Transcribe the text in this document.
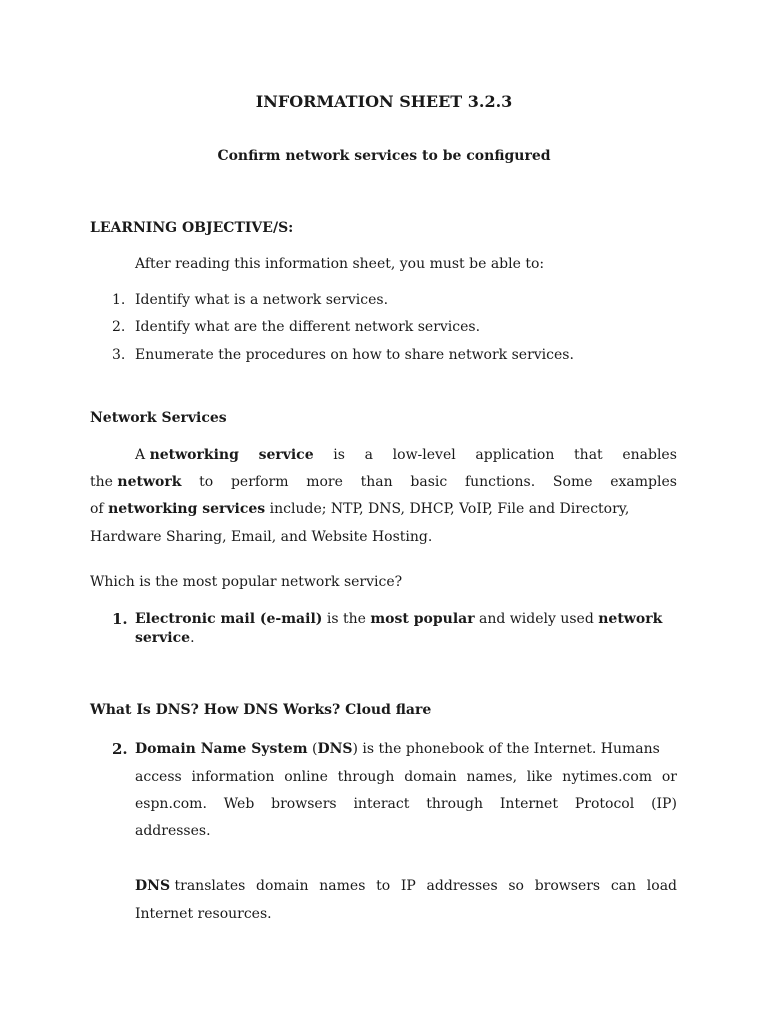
INFORMATION SHEET 3.2.3
Confirm network services to be configured
LEARNING OBJECTIVE/S:
After reading this information sheet, you must be able to:
1. Identify what is a network services.
2. Identify what are the different network services.
3. Enumerate the procedures on how to share network services.
Network Services
A networking service is a low-level application that enables
the network to perform more than basic functions. Some examples
of networking services include; NTP, DNS, DHCP, VoIP, File and Directory,
Hardware Sharing, Email, and Website Hosting.
Which is the most popular network service?
1. Electronic mail (e-mail) is the most popular and widely used network
service.
What Is DNS? How DNS Works? Cloud flare
2. Domain Name System (DNS) is the phonebook of the Internet. Humans
access information online through domain names, like nytimes.com or
espn.com. Web browsers interact through Internet Protocol (IP)
addresses.
DNS translates domain names to IP addresses so browsers can load
Internet resources.
